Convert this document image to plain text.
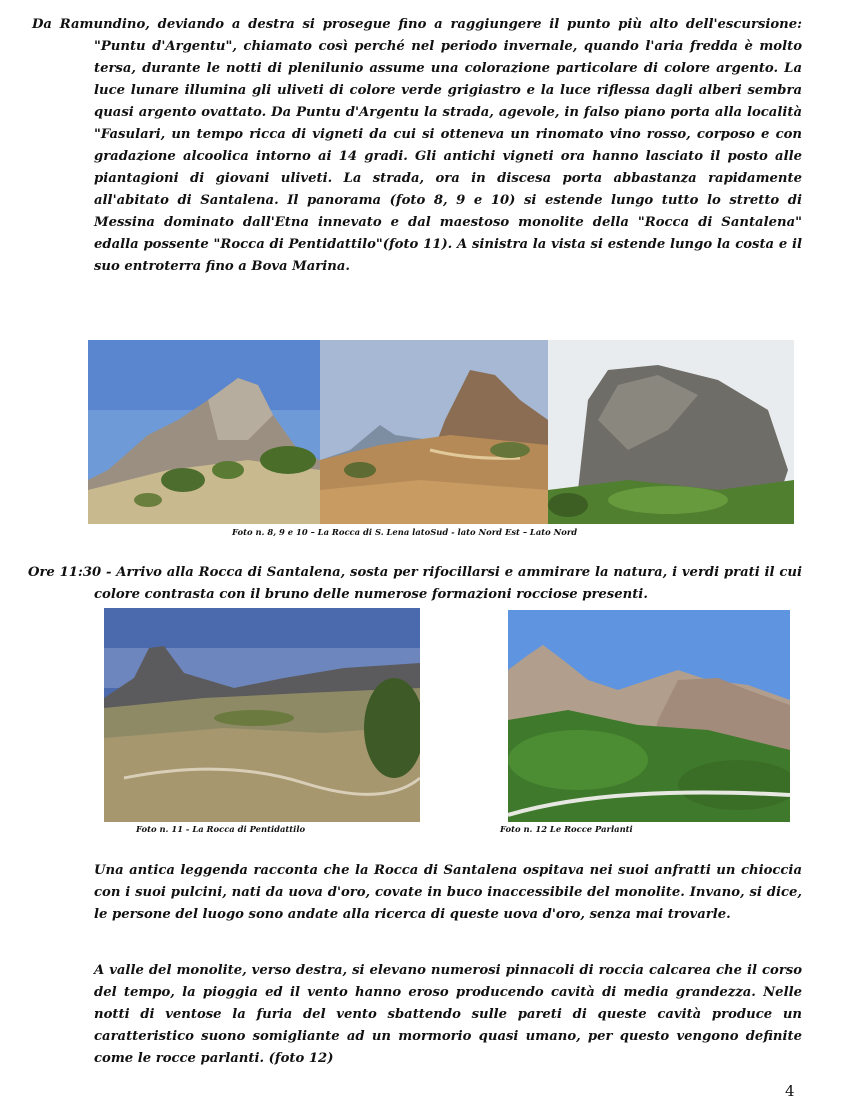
Da Ramundino, deviando a destra si prosegue fino a raggiungere il punto più alto dell'escursione: "Puntu d'Argentu", chiamato così perché nel periodo invernale, quando l'aria fredda è molto tersa, durante le notti di plenilunio assume una colorazione particolare di colore argento. La luce lunare illumina gli uliveti di colore verde grigiastro e la luce riflessa dagli alberi sembra quasi argento ovattato. Da Puntu d'Argentu la strada, agevole, in falso piano porta alla località "Fasulari, un tempo ricca di vigneti da cui si otteneva un rinomato vino rosso, corposo e con gradazione alcoolica intorno ai 14 gradi. Gli antichi vigneti ora hanno lasciato il posto alle piantagioni di giovani uliveti. La strada, ora in discesa porta abbastanza rapidamente all'abitato di Santalena. Il panorama (foto 8, 9 e 10) si estende lungo tutto lo stretto di Messina dominato dall'Etna innevato e dal maestoso monolite della "Rocca di Santalena" edalla possente "Rocca di Pentidattilo"(foto 11). A sinistra la vista si estende lungo la costa e il suo entroterra fino a Bova Marina.

Foto n. 8, 9 e 10 – La Rocca di S. Lena latoSud - lato Nord Est – Lato Nord

Ore 11:30 - Arrivo alla Rocca di Santalena, sosta per rifocillarsi e ammirare la natura, i verdi prati il cui colore contrasta con il bruno delle numerose formazioni rocciose presenti.

Foto n. 11 - La Rocca di Pentidattilo	Foto n. 12 Le Rocce Parlanti

Una antica leggenda racconta che la Rocca di Santalena ospitava nei suoi anfratti un chioccia con i suoi pulcini, nati da uova d'oro, covate in buco inaccessibile del monolite. Invano, si dice, le persone del luogo sono andate alla ricerca di queste uova d'oro, senza mai trovarle.

A valle del monolite, verso destra, si elevano numerosi pinnacoli di roccia calcarea che il corso del tempo, la pioggia ed il vento hanno eroso producendo cavità di media grandezza. Nelle notti di ventose la furia del vento sbattendo sulle pareti di queste cavità produce un caratteristico suono somigliante ad un mormorio quasi umano, per questo vengono definite come le rocce parlanti. (foto 12)

4
